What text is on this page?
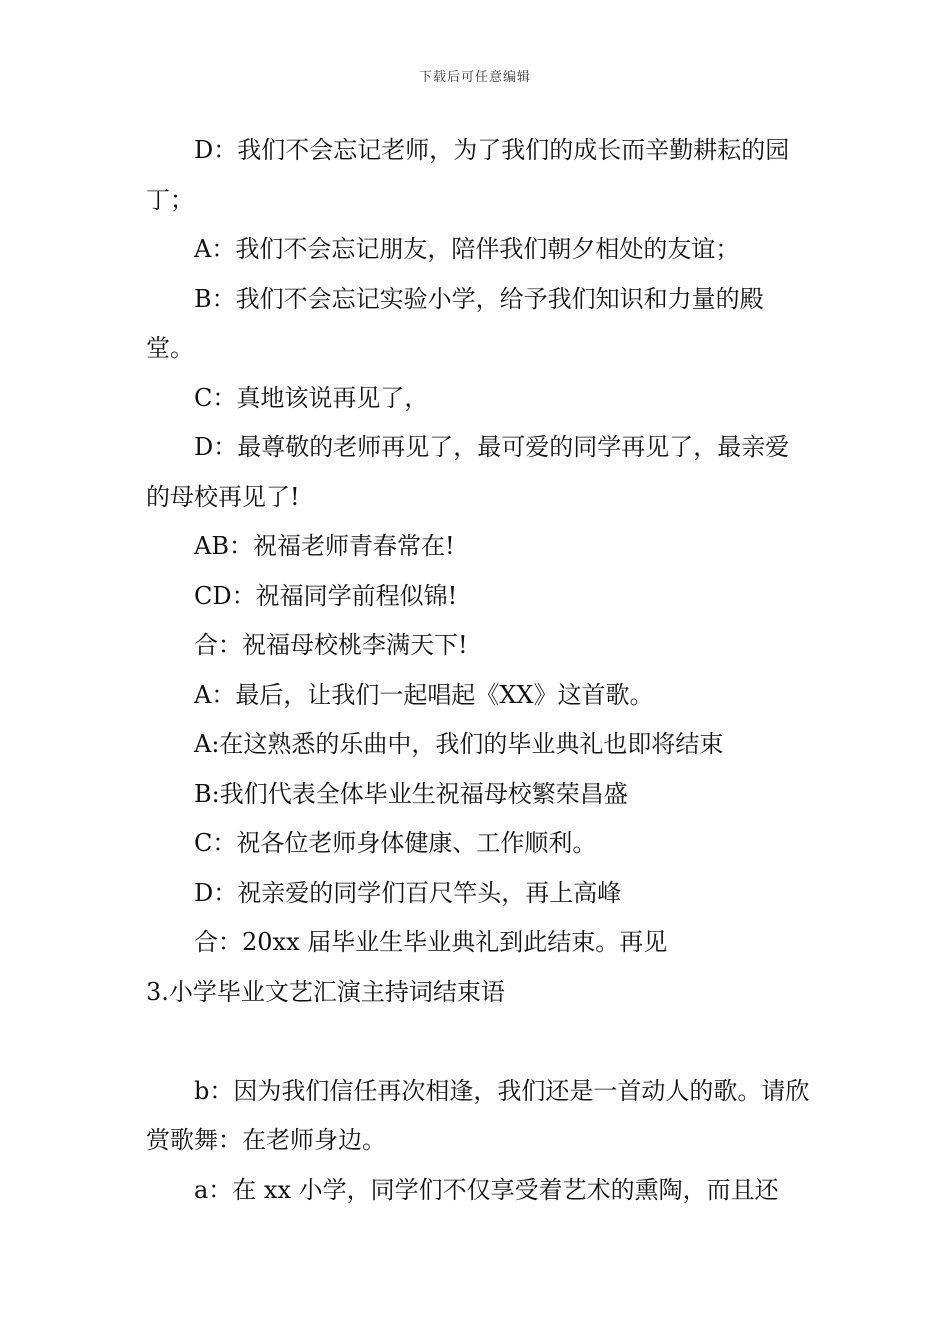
下载后可任意编辑

D：我们不会忘记老师，为了我们的成长而辛勤耕耘的园丁；

A：我们不会忘记朋友，陪伴我们朝夕相处的友谊；

B：我们不会忘记实验小学，给予我们知识和力量的殿堂。

C：真地该说再见了，

D：最尊敬的老师再见了，最可爱的同学再见了，最亲爱的母校再见了!

AB：祝福老师青春常在!

CD：祝福同学前程似锦!

合：祝福母校桃李满天下!

A：最后，让我们一起唱起《XX》这首歌。

A:在这熟悉的乐曲中，我们的毕业典礼也即将结束

B:我们代表全体毕业生祝福母校繁荣昌盛

C：祝各位老师身体健康、工作顺利。

D：祝亲爱的同学们百尺竿头，再上高峰

合：20xx 届毕业生毕业典礼到此结束。再见

3.小学毕业文艺汇演主持词结束语

b：因为我们信任再次相逢，我们还是一首动人的歌。请欣赏歌舞：在老师身边。

a：在 xx 小学，同学们不仅享受着艺术的熏陶，而且还
